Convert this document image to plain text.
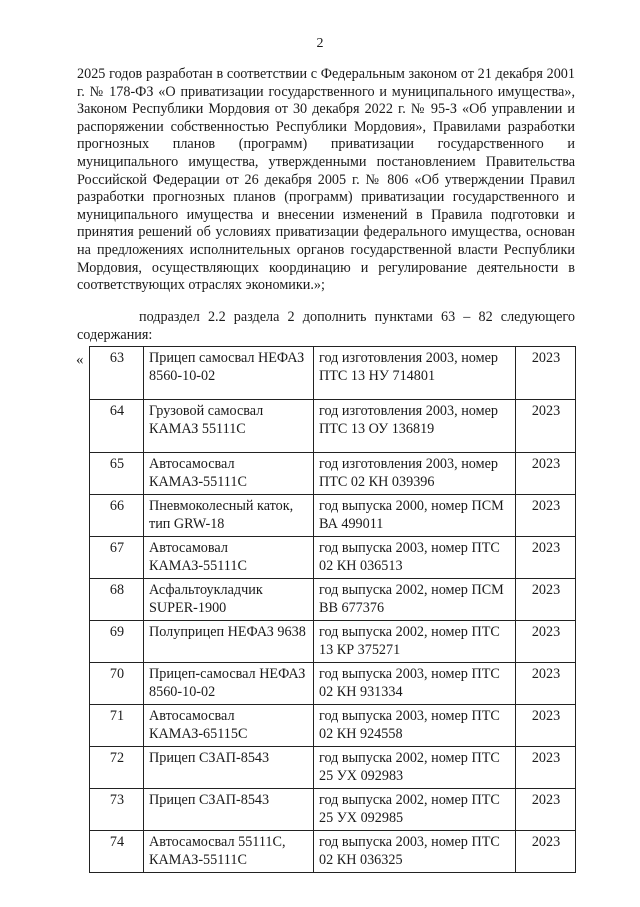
2

2025 годов разработан в соответствии с Федеральным законом от 21 декабря 2001 г. № 178-ФЗ «О приватизации государственного и муниципального имущества», Законом Республики Мордовия от 30 декабря 2022 г. № 95-З «Об управлении и распоряжении собственностью Республики Мордовия», Правилами разработки прогнозных планов (программ) приватизации государственного и муниципального имущества, утвержденными постановлением Правительства Российской Федерации от 26 декабря 2005 г. № 806 «Об утверждении Правил разработки прогнозных планов (программ) приватизации государственного и муниципального имущества и внесении изменений в Правила подготовки и принятия решений об условиях приватизации федерального имущества, основан на предложениях исполнительных органов государственной власти Республики Мордовия, осуществляющих координацию и регулирование деятельности в соответствующих отраслях экономики.»;

подраздел 2.2 раздела 2 дополнить пунктами 63 – 82 следующего содержания:

« 63	Прицеп самосвал НЕФАЗ 8560-10-02	год изготовления 2003, номер ПТС 13 НУ 714801	2023
64	Грузовой самосвал КАМАЗ 55111С	год изготовления 2003, номер ПТС 13 ОУ 136819	2023
65	Автосамосвал КАМАЗ-55111С	год изготовления 2003, номер ПТС 02 КН 039396	2023
66	Пневмоколесный каток, тип GRW-18	год выпуска 2000, номер ПСМ ВА 499011	2023
67	Автосамовал КАМАЗ-55111С	год выпуска 2003, номер ПТС 02 КН 036513	2023
68	Асфальтоукладчик SUPER-1900	год выпуска 2002, номер ПСМ ВВ 677376	2023
69	Полуприцеп НЕФАЗ 9638	год выпуска 2002, номер ПТС 13 КР 375271	2023
70	Прицеп-самосвал НЕФАЗ 8560-10-02	год выпуска 2003, номер ПТС 02 КН 931334	2023
71	Автосамосвал КАМАЗ-65115С	год выпуска 2003, номер ПТС 02 КН 924558	2023
72	Прицеп СЗАП-8543	год выпуска 2002, номер ПТС 25 УХ 092983	2023
73	Прицеп СЗАП-8543	год выпуска 2002, номер ПТС 25 УХ 092985	2023
74	Автосамосвал 55111С, КАМАЗ-55111С	год выпуска 2003, номер ПТС 02 КН 036325	2023
